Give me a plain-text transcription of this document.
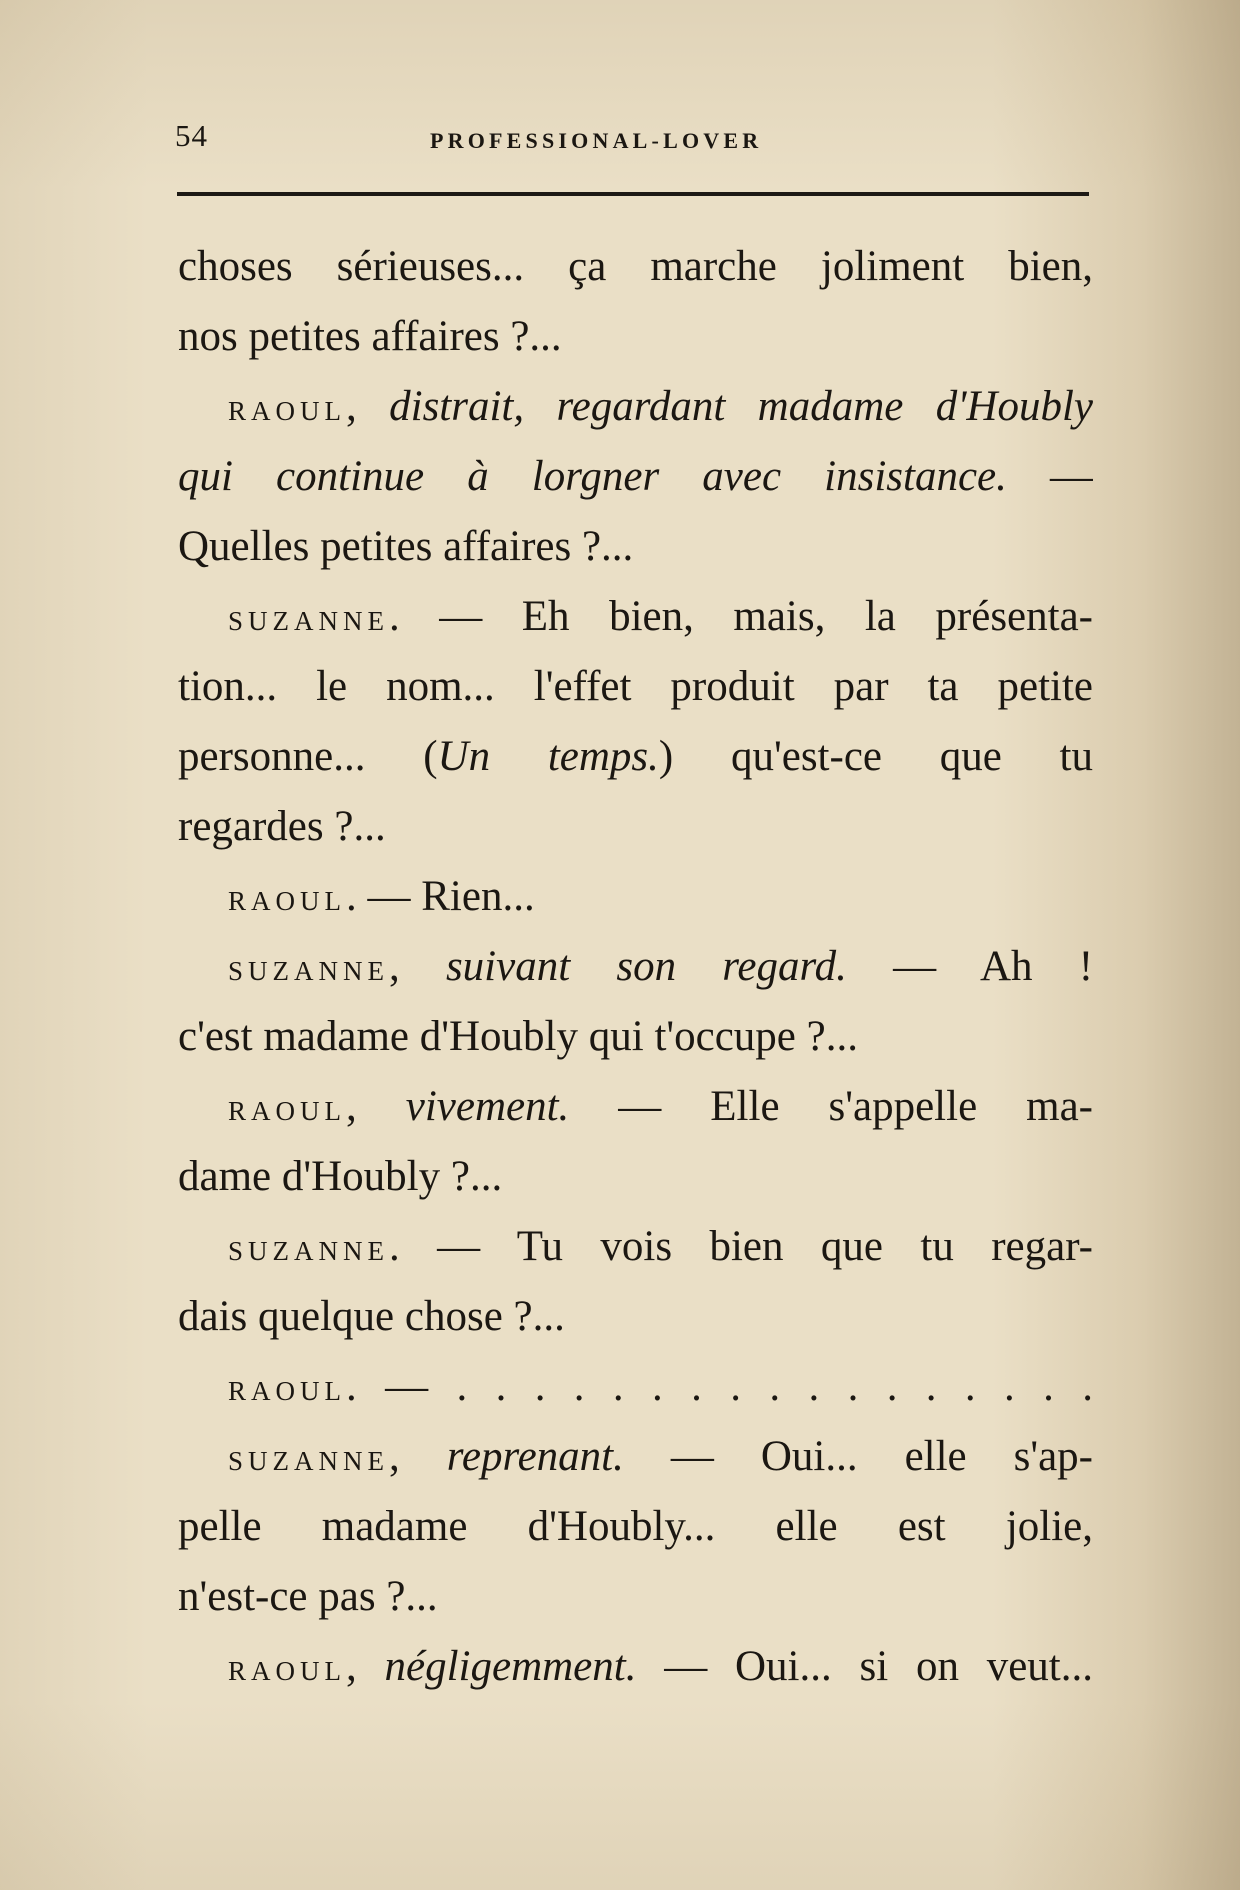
54	PROFESSIONAL-LOVER
choses sérieuses... ça marche joliment bien,
nos petites affaires ?...
RAOUL, distrait, regardant madame d'Houbly
qui continue à lorgner avec insistance. —
Quelles petites affaires ?...
SUZANNE. — Eh bien, mais, la présenta-
tion... le nom... l'effet produit par ta petite
personne... (Un temps.) qu'est-ce que tu
regardes ?...
RAOUL. — Rien...
SUZANNE, suivant son regard. — Ah !
c'est madame d'Houbly qui t'occupe ?...
RAOUL, vivement. — Elle s'appelle ma-
dame d'Houbly ?...
SUZANNE. — Tu vois bien que tu regar-
dais quelque chose ?...
RAOUL. — . . . . . . . . . . . . . . . . .
SUZANNE, reprenant. — Oui... elle s'ap-
pelle madame d'Houbly... elle est jolie,
n'est-ce pas ?...
RAOUL, négligemment. — Oui... si on veut...
